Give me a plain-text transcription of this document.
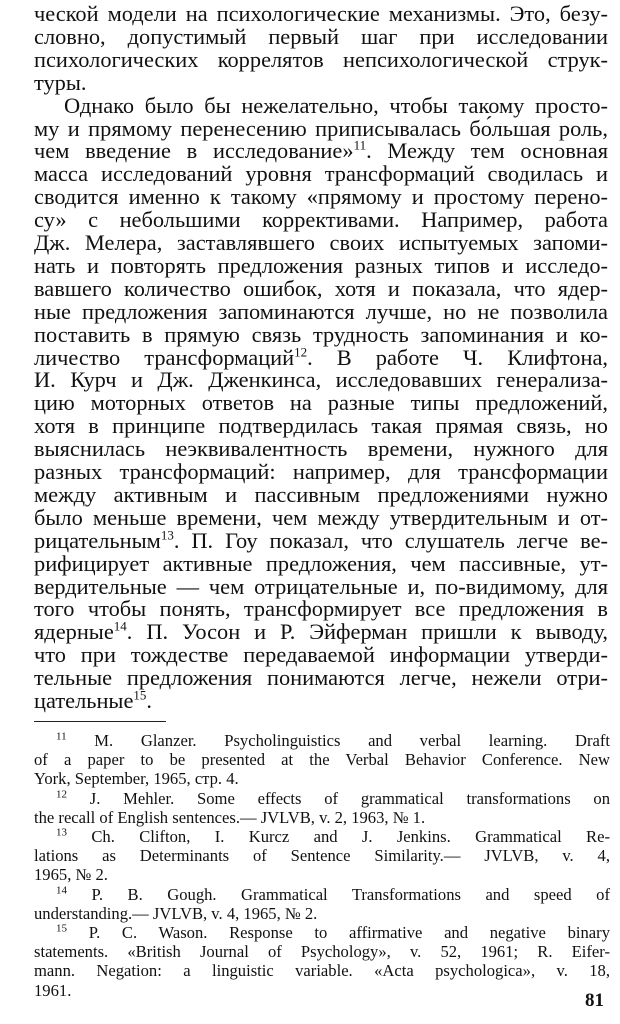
ческой модели на психологические механизмы. Это, безу-
словно, допустимый первый шаг при исследовании
психологических коррелятов непсихологической струк-
туры.
Однако было бы нежелательно, чтобы такому просто-
му и прямому перенесению приписывалась бо́льшая роль,
чем введение в исследование»$^{11}$. Между тем основная
масса исследований уровня трансформаций сводилась и
сводится именно к такому «прямому и простому перено-
су» с небольшими коррективами. Например, работа
Дж. Мелера, заставлявшего своих испытуемых запоми-
нать и повторять предложения разных типов и исследо-
вавшего количество ошибок, хотя и показала, что ядер-
ные предложения запоминаются лучше, но не позволила
поставить в прямую связь трудность запоминания и ко-
личество трансформаций$^{12}$. В работе Ч. Клифтона,
И. Курч и Дж. Дженкинса, исследовавших генерализа-
цию моторных ответов на разные типы предложений,
хотя в принципе подтвердилась такая прямая связь, но
выяснилась неэквивалентность времени, нужного для
разных трансформаций: например, для трансформации
между активным и пассивным предложениями нужно
было меньше времени, чем между утвердительным и от-
рицательным$^{13}$. П. Гоу показал, что слушатель легче ве-
рифицирует активные предложения, чем пассивные, ут-
вердительные — чем отрицательные и, по-видимому, для
того чтобы понять, трансформирует все предложения в
ядерные$^{14}$. П. Уосон и Р. Эйферман пришли к выводу,
что при тождестве передаваемой информации утверди-
тельные предложения понимаются легче, нежели отри-
цательные$^{15}$.
$^{11}$ M. Glanzer. Psycholinguistics and verbal learning. Draft
of a paper to be presented at the Verbal Behavior Conference. New
York, September, 1965, стр. 4.
$^{12}$ J. Mehler. Some effects of grammatical transformations on
the recall of English sentences.— JVLVB, v. 2, 1963, № 1.
$^{13}$ Ch. Clifton, I. Kurcz and J. Jenkins. Grammatical Re-
lations as Determinants of Sentence Similarity.— JVLVB, v. 4,
1965, № 2.
$^{14}$ P. B. Gough. Grammatical Transformations and speed of
understanding.— JVLVB, v. 4, 1965, № 2.
$^{15}$ P. C. Wason. Response to affirmative and negative binary
statements. «British Journal of Psychology», v. 52, 1961; R. Eifer-
mann. Negation: a linguistic variable. «Acta psychologica», v. 18,
1961.	81
